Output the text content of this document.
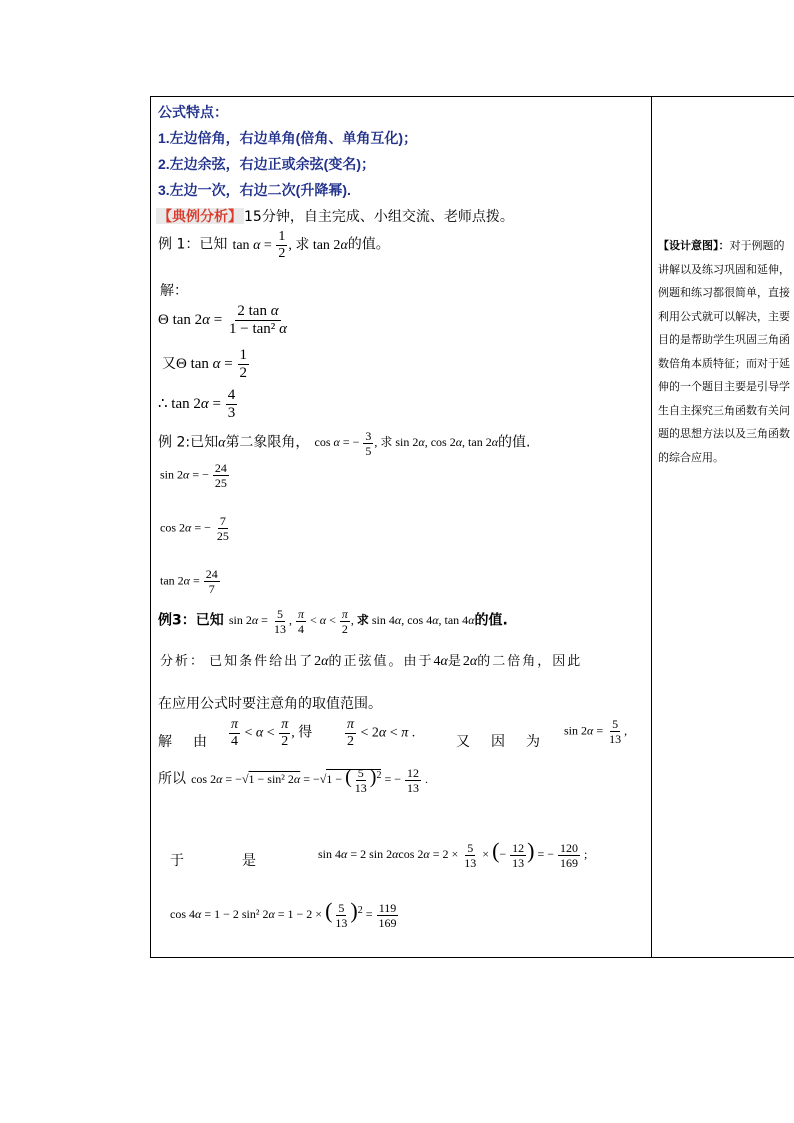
公式特点：
1.左边倍角，右边单角(倍角、单角互化)；
2.左边余弦，右边正或余弦(变名)；
3.左边一次，右边二次(升降幂).
【典例分析】 15分钟，自主完成、小组交流、老师点拨。
例 1：已知 $\tan \alpha = \frac{1}{2}$ , 求 tan 2α的值。
解：
Θ $\tan 2\alpha = \frac{\text{2 tan α}}{\text{1 − tan² α}}$
又Θ $\tan \alpha = \frac{1}{2}$
∴ $\tan 2\alpha = \frac{4}{3}$
例 2:已知α第二象限角， cos α = − $\frac{3}{5}$ , 求 sin 2α, cos 2α, tan 2α的值.
sin 2α = − $\frac{24}{25}$
cos 2α = − $\frac{7}{25}$
$\tan 2\alpha = \frac{24}{7}$
例3：已知 $\sin 2\alpha = \frac{5}{13}$ , $\frac{\pi}{4} < \alpha < \frac{\pi}{2}$ , 求 sin 4α, cos 4α, tan 4α的值.
分析： 已知条件给出了2α的正弦值。由于4α是2α的二倍角，因此
在应用公式时要注意角的取值范围。
解 由 $\frac{\pi}{4} < \alpha < \frac{\pi}{2}$ , 得 $\frac{\pi}{2} < 2\alpha < \pi$ .
又 因 为
$\sin 2\alpha = \frac{5}{13}$ ,
所以 cos 2α = −√1 − sin² 2α = −√1 − ( $\frac{5}{13} )^2$ = − $\frac{12}{13}$ .
于	是	sin 4α = 2 sin 2αcos $2\alpha = 2 \times \frac{5}{13}$ × (− $\frac{12}{13}$ ) = − $\frac{120}{169}$ ;
cos 4α = 1 − 2 sin² 2α = 1 − 2 × ( $\frac{5}{13} )^2 = \frac{119}{169}$
【设计意图】：对于例题的讲解以及练习巩固和延伸，例题和练习都很简单，直接利用公式就可以解决，主要目的是帮助学生巩固三角函数倍角本质特征；而对于延伸的一个题目主要是引导学生自主探究三角函数有关问题的思想方法以及三角函数的综合应用。
